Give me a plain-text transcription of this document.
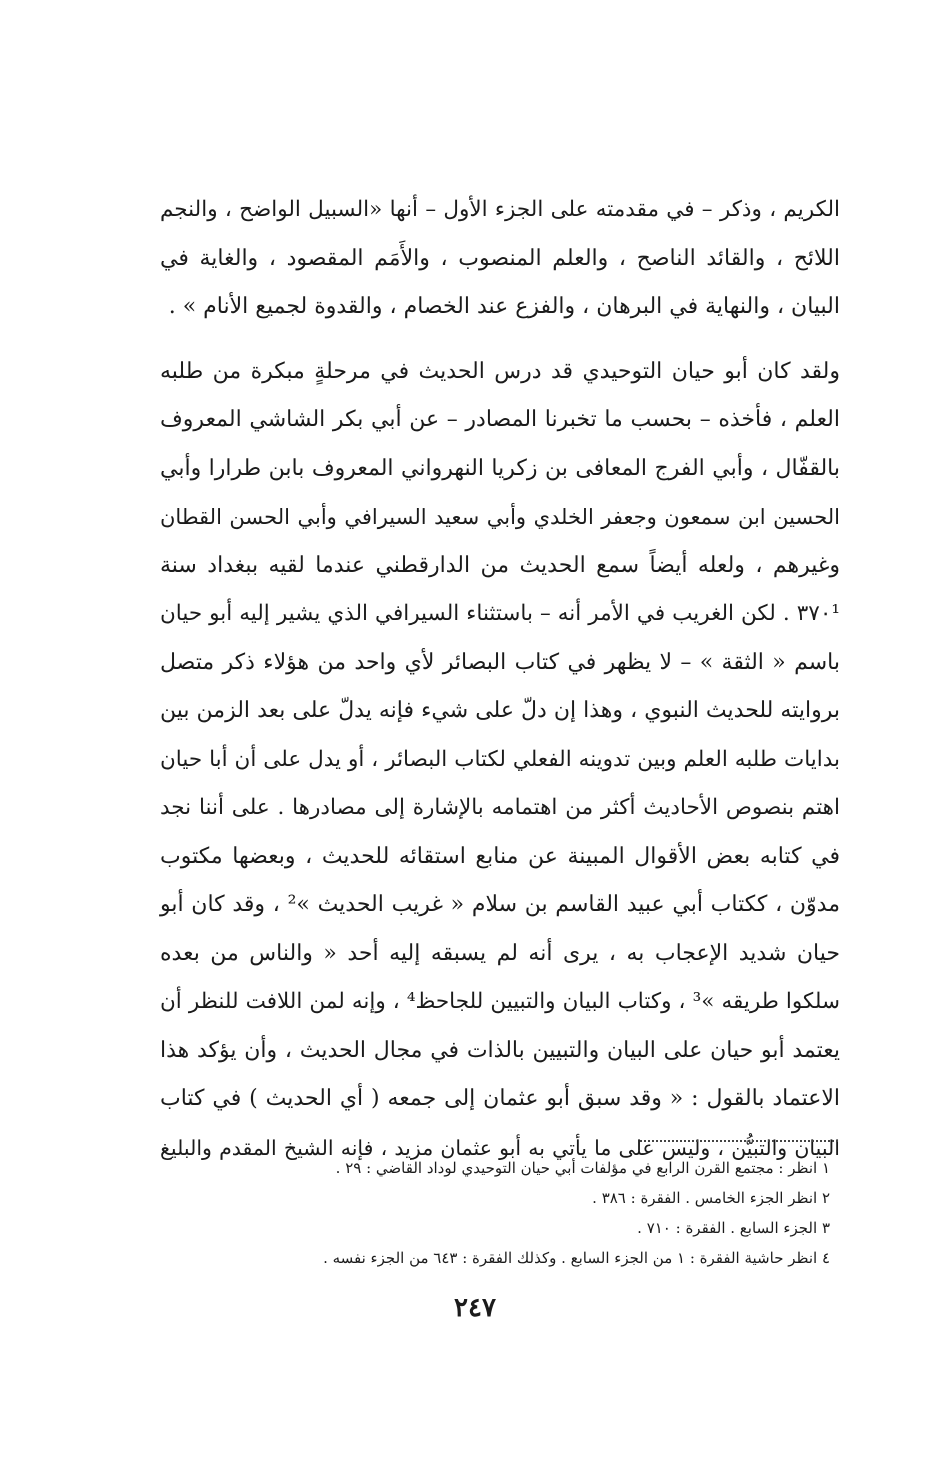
الكريم ، وذكر – في مقدمته على الجزء الأول – أنها «السبيل الواضح ، والنجم
اللائح ، والقائد الناصح ، والعلم المنصوب ، والأَمَم المقصود ، والغاية في
البيان ، والنهاية في البرهان ، والفزع عند الخصام ، والقدوة لجميع الأنام » .
ولقد كان أبو حيان التوحيدي قد درس الحديث في مرحلةٍ مبكرة من طلبه
العلم ، فأخذه – بحسب ما تخبرنا المصادر – عن أبي بكر الشاشي المعروف
بالقفّال ، وأبي الفرج المعافى بن زكريا النهرواني المعروف بابن طرارا وأبي
الحسين ابن سمعون وجعفر الخلدي وأبي سعيد السيرافي وأبي الحسن القطان
وغيرهم ، ولعله أيضاً سمع الحديث من الدارقطني عندما لقيه ببغداد سنة
٣٧٠¹ . لكن الغريب في الأمر أنه – باستثناء السيرافي الذي يشير إليه أبو حيان
باسم « الثقة » – لا يظهر في كتاب البصائر لأي واحد من هؤلاء ذكر متصل
بروايته للحديث النبوي ، وهذا إن دلّ على شيء فإنه يدلّ على بعد الزمن بين
بدايات طلبه العلم وبين تدوينه الفعلي لكتاب البصائر ، أو يدل على أن أبا حيان
اهتم بنصوص الأحاديث أكثر من اهتمامه بالإشارة إلى مصادرها . على أننا نجد
في كتابه بعض الأقوال المبينة عن منابع استقائه للحديث ، وبعضها مكتوب
مدوّن ، ككتاب أبي عبيد القاسم بن سلام « غريب الحديث »² ، وقد كان أبو
حيان شديد الإعجاب به ، يرى أنه لم يسبقه إليه أحد « والناس من بعده
سلكوا طريقه »³ ، وكتاب البيان والتبيين للجاحظ⁴ ، وإنه لمن اللافت للنظر أن
يعتمد أبو حيان على البيان والتبيين بالذات في مجال الحديث ، وأن يؤكد هذا
الاعتماد بالقول : « وقد سبق أبو عثمان إلى جمعه ( أي الحديث ) في كتاب
البيان والتبيُّن ، وليس على ما يأتي به أبو عثمان مزيد ، فإنه الشيخ المقدم والبليغ
١ انظر : مجتمع القرن الرابع في مؤلفات أبي حيان التوحيدي لوداد القاضي : ٢٩ .
٢ انظر الجزء الخامس . الفقرة : ٣٨٦ .
٣ الجزء السابع . الفقرة : ٧١٠ .
٤ انظر حاشية الفقرة : ١ من الجزء السابع . وكذلك الفقرة : ٦٤٣ من الجزء نفسه .
٢٤٧
